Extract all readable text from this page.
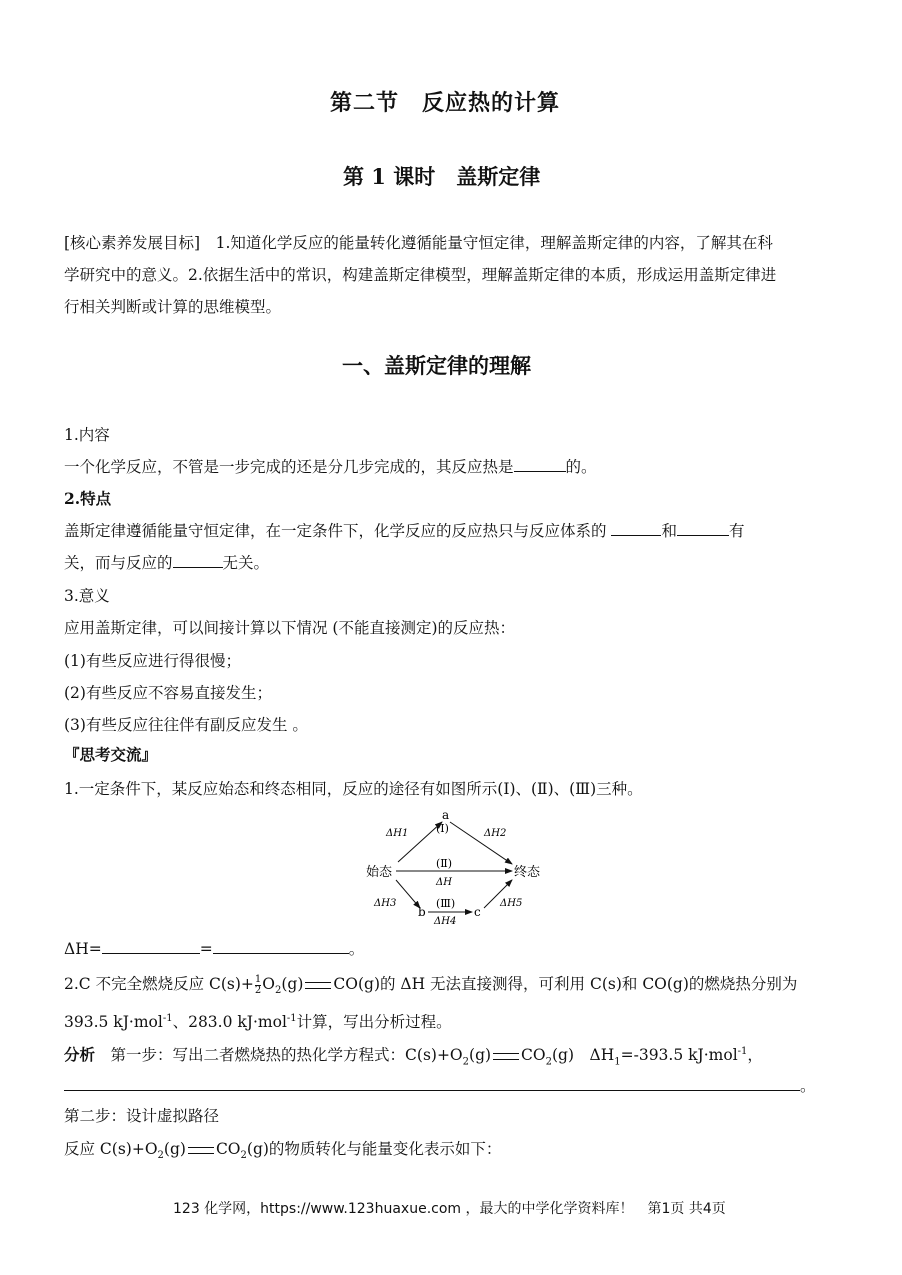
第二节　反应热的计算
第 1 课时　盖斯定律
[核心素养发展目标]　 1.知道化学反应的能量转化遵循能量守恒定律，理解盖斯定律的内容，了解其在科
学研究中的意义。2.依据生活中的常识，构建盖斯定律模型，理解盖斯定律的本质，形成运用盖斯定律进
行相关判断或计算的思维模型。
一、盖斯定律的理解
1.内容
一个化学反应，不管是一步完成的还是分几步完成的，其反应热是	的。
2.特点
盖斯定律遵循能量守恒定律，在一定条件下，化学反应的反应热只与反应体系的	和	有
关，而与反应的	无关。
3.意义
应用盖斯定律，可以间接计算以下情况 (不能直接测定)的反应热：
(1)有些反应进行得很慢；
(2)有些反应不容易直接发生；
(3)有些反应往往伴有副反应发生 。
『思考交流』
1.一定条件下，某反应始态和终态相同，反应的途径有如图所示(Ⅰ)、(Ⅱ)、(Ⅲ)三种。
a
(Ⅰ)
ΔH1	ΔH2
始态	终态
(Ⅱ)
ΔH
ΔH3
b
(Ⅲ)
ΔH4
c
ΔH5
ΔH=	=	。
2.C 不完全燃烧反应 $C(s)+ \frac{1}{2} O_2(g)$ CO(g)的 ΔH 无法直接测得，可利用 C(s)和 CO(g)的燃烧热分别为
393.5 kJ·mol$^{-1}$、283.0 kJ·mol$^{-1}$计算，写出分析过程。
分析　 第一步：写出二者燃烧热的热化学方程式：$C(s)+O_2(g)$ $CO_2(g)$　$\Delta H_1=-393.5$ kJ·mol$^{-1}$，
。
第二步：设计虚拟路径
反应 $C(s)+O_2(g)$ $CO_2(g)$的物质转化与能量变化表示如下：
123 化学网，https://www.123huaxue.com ，最大的中学化学资料库！　第1页 共4页
